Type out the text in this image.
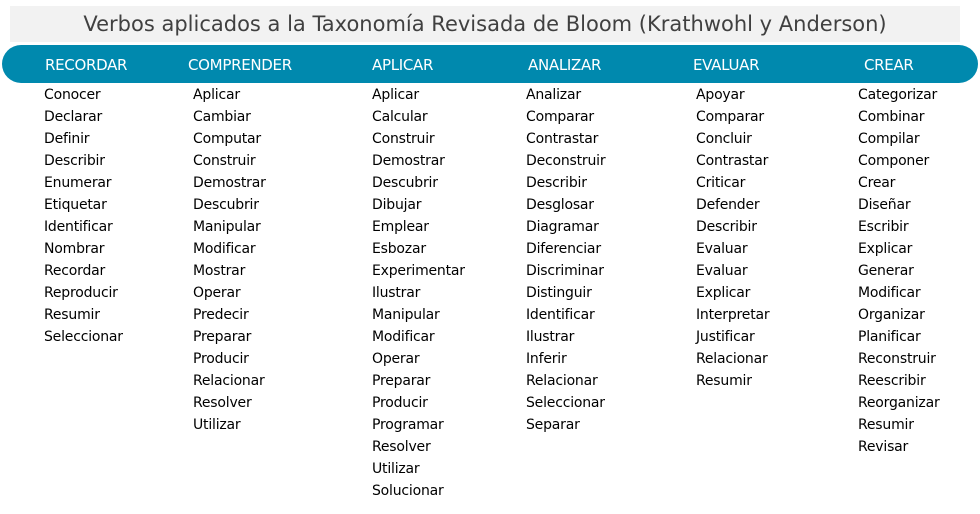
Verbos aplicados a la Taxonomía Revisada de Bloom (Krathwohl y Anderson)
RECORDAR
Conocer
Declarar
Definir
Describir
Enumerar
Etiquetar
Identificar
Nombrar
Recordar
Reproducir
Resumir
Seleccionar
COMPRENDER
Aplicar
Cambiar
Computar
Construir
Demostrar
Descubrir
Manipular
Modificar
Mostrar
Operar
Predecir
Preparar
Producir
Relacionar
Resolver
Utilizar
APLICAR
Aplicar
Calcular
Construir
Demostrar
Descubrir
Dibujar
Emplear
Esbozar
Experimentar
Ilustrar
Manipular
Modificar
Operar
Preparar
Producir
Programar
Resolver
Utilizar
Solucionar
ANALIZAR
Analizar
Comparar
Contrastar
Deconstruir
Describir
Desglosar
Diagramar
Diferenciar
Discriminar
Distinguir
Identificar
Ilustrar
Inferir
Relacionar
Seleccionar
Separar
EVALUAR
Apoyar
Comparar
Concluir
Contrastar
Criticar
Defender
Describir
Evaluar
Evaluar
Explicar
Interpretar
Justificar
Relacionar
Resumir
CREAR
Categorizar
Combinar
Compilar
Componer
Crear
Diseñar
Escribir
Explicar
Generar
Modificar
Organizar
Planificar
Reconstruir
Reescribir
Reorganizar
Resumir
Revisar
